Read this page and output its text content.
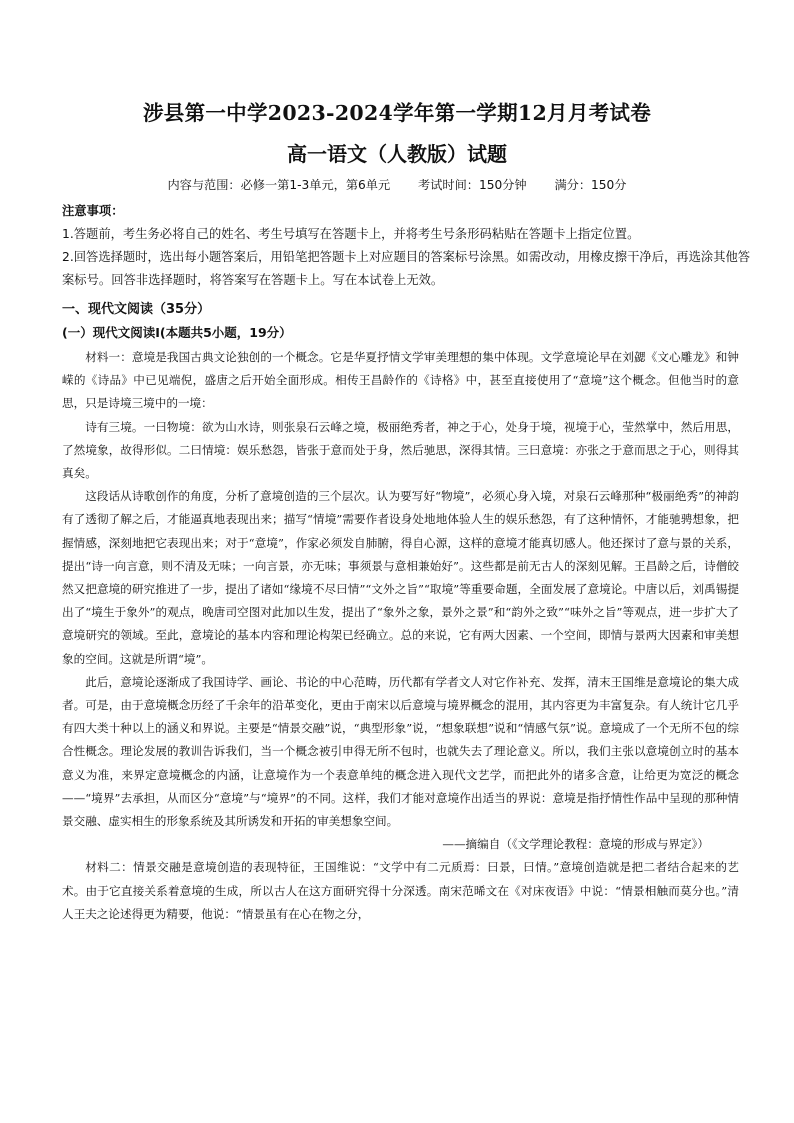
涉县第一中学2023-2024学年第一学期12月月考试卷
高一语文（人教版）试题
内容与范围：必修一第1-3单元，第6单元 考试时间：150分钟 满分：150分
注意事项：
1.答题前，考生务必将自己的姓名、考生号填写在答题卡上，并将考生号条形码粘贴在答题卡上指定位置。
2.回答选择题时，选出每小题答案后，用铅笔把答题卡上对应题目的答案标号涂黑。如需改动，用橡皮擦干净后，再选涂其他答案标号。回答非选择题时，将答案写在答题卡上。写在本试卷上无效。
一、现代文阅读（35分）
(一）现代文阅读Ⅰ(本题共5小题，19分）

材料一：意境是我国古典文论独创的一个概念。它是华夏抒情文学审美理想的集中体现。文学意境论早在刘勰《文心雕龙》和钟嵘的《诗品》中已见端倪，盛唐之后开始全面形成。相传王昌龄作的《诗格》中，甚至直接使用了“意境”这个概念。但他当时的意思，只是诗境三境中的一境：

诗有三境。一曰物境：欲为山水诗，则张泉石云峰之境，极丽绝秀者，神之于心，处身于境，视境于心，莹然掌中，然后用思，了然境象，故得形似。二曰情境：娱乐愁怨，皆张于意而处于身，然后驰思，深得其情。三曰意境：亦张之于意而思之于心，则得其真矣。

这段话从诗歌创作的角度，分析了意境创造的三个层次。认为要写好“物境”，必须心身入境，对泉石云峰那种“极丽绝秀”的神韵有了透彻了解之后，才能逼真地表现出来；描写“情境”需要作者设身处地地体验人生的娱乐愁怨，有了这种情怀，才能驰骋想象，把握情感，深刻地把它表现出来；对于“意境”，作家必须发自肺腑，得自心源，这样的意境才能真切感人。他还探讨了意与景的关系，提出“诗一向言意，则不清及无味；一向言景，亦无味；事须景与意相兼始好”。这些都是前无古人的深刻见解。王昌龄之后，诗僧皎然又把意境的研究推进了一步，提出了诸如“缘境不尽曰情”“文外之旨”“取境”等重要命题，全面发展了意境论。中唐以后，刘禹锡提出了“境生于象外”的观点，晚唐司空图对此加以生发，提出了“象外之象，景外之景”和“韵外之致”“味外之旨”等观点，进一步扩大了意境研究的领域。至此，意境论的基本内容和理论构架已经确立。总的来说，它有两大因素、一个空间，即情与景两大因素和审美想象的空间。这就是所谓“境”。

此后，意境论逐渐成了我国诗学、画论、书论的中心范畴，历代都有学者文人对它作补充、发挥，清末王国维是意境论的集大成者。可是，由于意境概念历经了千余年的沿革变化，更由于南宋以后意境与境界概念的混用，其内容更为丰富复杂。有人统计它几乎有四大类十种以上的涵义和界说。主要是“情景交融”说，“典型形象”说，“想象联想”说和“情感气氛”说。意境成了一个无所不包的综合性概念。理论发展的教训告诉我们，当一个概念被引申得无所不包时，也就失去了理论意义。所以，我们主张以意境创立时的基本意义为准，来界定意境概念的内涵，让意境作为一个表意单纯的概念进入现代文艺学，而把此外的诸多含意，让给更为宽泛的概念——“境界”去承担，从而区分“意境”与“境界”的不同。这样，我们才能对意境作出适当的界说：意境是指抒情性作品中呈现的那种情景交融、虚实相生的形象系统及其所诱发和开拓的审美想象空间。

——摘编自（《文学理论教程：意境的形成与界定》）

材料二：情景交融是意境创造的表现特征，王国维说：“文学中有二元质焉：曰景，曰情。”意境创造就是把二者结合起来的艺术。由于它直接关系着意境的生成，所以古人在这方面研究得十分深透。南宋范晞文在《对床夜语》中说：“情景相触而莫分也。”清人王夫之论述得更为精要，他说：“情景虽有在心在物之分，
